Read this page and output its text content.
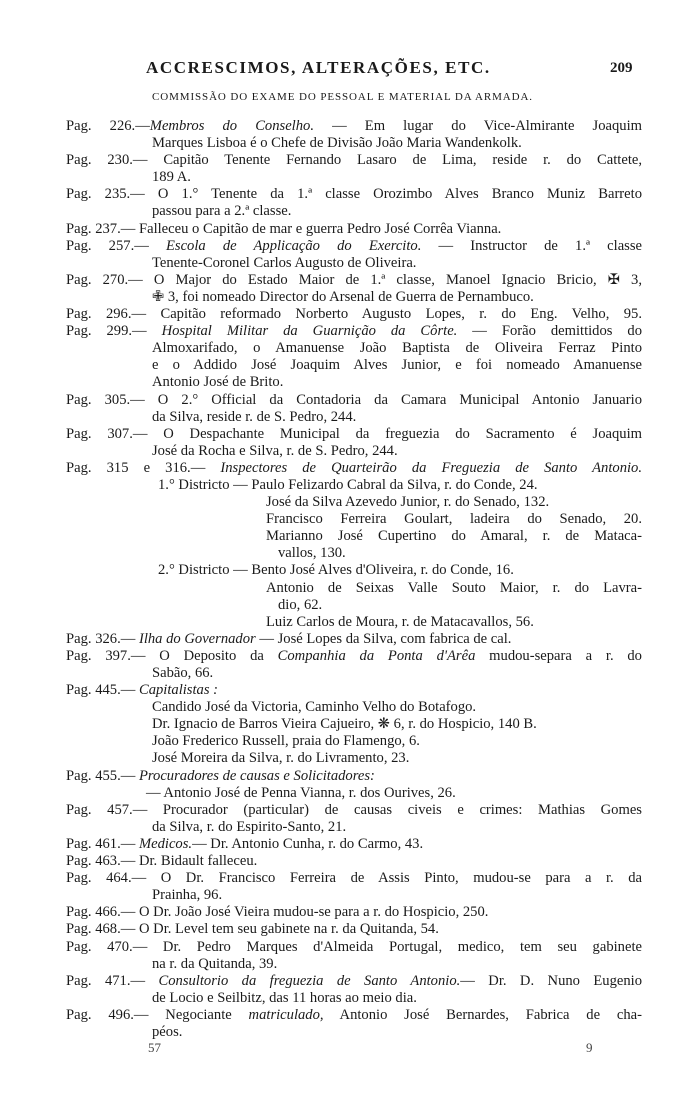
ACCRESCIMOS, ALTERAÇÕES, ETC.	209
COMMISSÃO DO EXAME DO PESSOAL E MATERIAL DA ARMADA.
Pag. 226.—Membros do Conselho. — Em lugar do Vice-Almirante Joaquim
Marques Lisboa é o Chefe de Divisão João Maria Wandenkolk.
Pag. 230.— Capitão Tenente Fernando Lasaro de Lima, reside r. do Cattete,
189 A.
Pag. 235.— O 1.° Tenente da 1.ª classe Orozimbo Alves Branco Muniz Barreto
passou para a 2.ª classe.
Pag. 237.— Falleceu o Capitão de mar e guerra Pedro José Corrêa Vianna.
Pag. 257.— Escola de Applicação do Exercito. — Instructor de 1.ª classe
Tenente-Coronel Carlos Augusto de Oliveira.
Pag. 270.— O Major do Estado Maior de 1.ª classe, Manoel Ignacio Bricio, ✠ 3,
✙ 3, foi nomeado Director do Arsenal de Guerra de Pernambuco.
Pag. 296.— Capitão reformado Norberto Augusto Lopes, r. do Eng. Velho, 95.
Pag. 299.— Hospital Militar da Guarnição da Côrte. — Forão demittidos do
Almoxarifado, o Amanuense João Baptista de Oliveira Ferraz Pinto
e o Addido José Joaquim Alves Junior, e foi nomeado Amanuense
Antonio José de Brito.
Pag. 305.— O 2.° Official da Contadoria da Camara Municipal Antonio Januario
da Silva, reside r. de S. Pedro, 244.
Pag. 307.— O Despachante Municipal da freguezia do Sacramento é Joaquim
José da Rocha e Silva, r. de S. Pedro, 244.
Pag. 315 e 316.— Inspectores de Quarteirão da Freguezia de Santo Antonio.
1.° Districto — Paulo Felizardo Cabral da Silva, r. do Conde, 24.
José da Silva Azevedo Junior, r. do Senado, 132.
Francisco Ferreira Goulart, ladeira do Senado, 20.
Marianno José Cupertino do Amaral, r. de Mataca-
vallos, 130.
2.° Districto — Bento José Alves d'Oliveira, r. do Conde, 16.
Antonio de Seixas Valle Souto Maior, r. do Lavra-
dio, 62.
Luiz Carlos de Moura, r. de Matacavallos, 56.
Pag. 326.— Ilha do Governador — José Lopes da Silva, com fabrica de cal.
Pag. 397.— O Deposito da Companhia da Ponta d'Arêa mudou-separa a r. do
Sabão, 66.
Pag. 445.— Capitalistas :
Candido José da Victoria, Caminho Velho do Botafogo.
Dr. Ignacio de Barros Vieira Cajueiro, ❋ 6, r. do Hospicio, 140 B.
João Frederico Russell, praia do Flamengo, 6.
José Moreira da Silva, r. do Livramento, 23.
Pag. 455.— Procuradores de causas e Solicitadores:
— Antonio José de Penna Vianna, r. dos Ourives, 26.
Pag. 457.— Procurador (particular) de causas civeis e crimes: Mathias Gomes
da Silva, r. do Espirito-Santo, 21.
Pag. 461.— Medicos.— Dr. Antonio Cunha, r. do Carmo, 43.
Pag. 463.— Dr. Bidault falleceu.
Pag. 464.— O Dr. Francisco Ferreira de Assis Pinto, mudou-se para a r. da
Prainha, 96.
Pag. 466.— O Dr. João José Vieira mudou-se para a r. do Hospicio, 250.
Pag. 468.— O Dr. Level tem seu gabinete na r. da Quitanda, 54.
Pag. 470.— Dr. Pedro Marques d'Almeida Portugal, medico, tem seu gabinete
na r. da Quitanda, 39.
Pag. 471.— Consultorio da freguezia de Santo Antonio.— Dr. D. Nuno Eugenio
de Locio e Seilbitz, das 11 horas ao meio dia.
Pag. 496.— Negociante matriculado, Antonio José Bernardes, Fabrica de cha-
péos.
57	9
